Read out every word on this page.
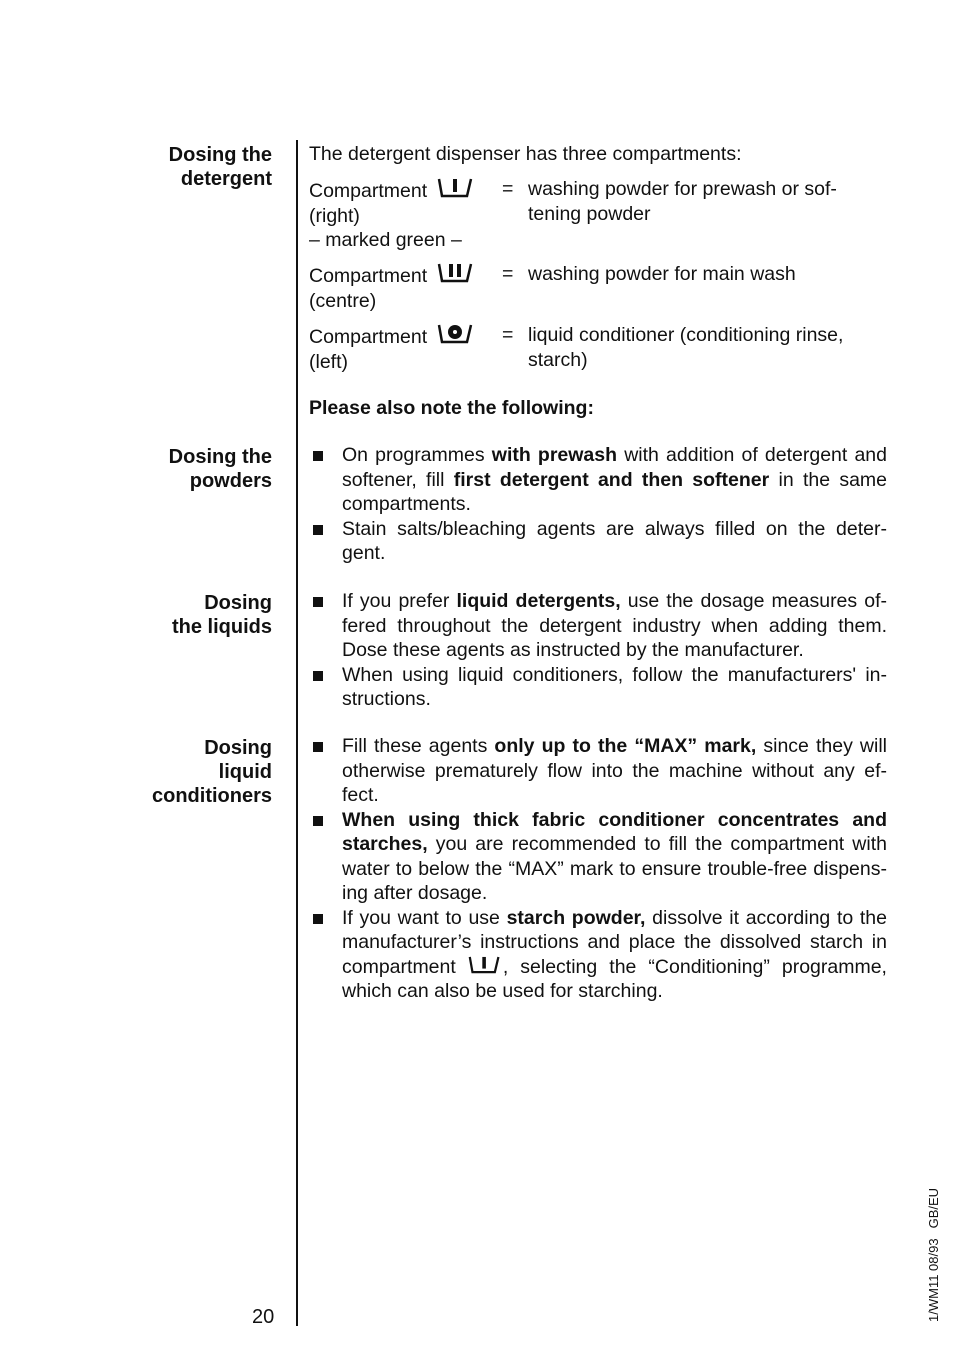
Dosing the
detergent
Dosing the
powders
Dosing
the liquids
Dosing
liquid
conditioners
The detergent dispenser has three compartments:
Compartment
(right)
– marked green –
= washing powder for prewash or sof-tening powder
Compartment
(centre)
= washing powder for main wash
Compartment
(left)
= liquid conditioner (conditioning rinse, starch)
Please also note the following:
On programmes with prewash with addition of detergent and softener, fill first detergent and then softener in the same compartments.
Stain salts/bleaching agents are always filled on the deter-gent.
If you prefer liquid detergents, use the dosage measures of-fered throughout the detergent industry when adding them. Dose these agents as instructed by the manufacturer.
When using liquid conditioners, follow the manufacturers' in-structions.
Fill these agents only up to the “MAX” mark, since they will otherwise prematurely flow into the machine without any ef-fect.
When using thick fabric conditioner concentrates and starches, you are recommended to fill the compartment with water to below the “MAX” mark to ensure trouble-free dispens-ing after dosage.
If you want to use starch powder, dissolve it according to the manufacturer’s instructions and place the dissolved starch in compartment , selecting the “Conditioning” programme, which can also be used for starching.
20	1/WM11 08/93GB/EU
